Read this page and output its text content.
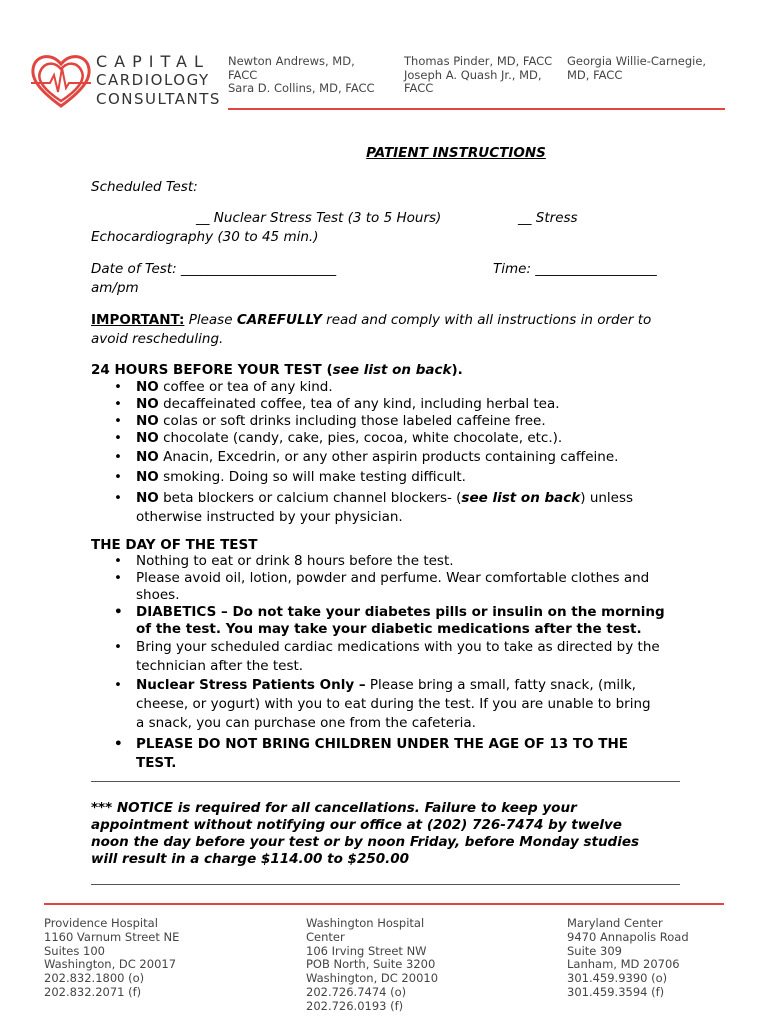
CAPITAL
CARDIOLOGY
CONSULTANTS
Newton Andrews, MD,
FACC
Sara D. Collins, MD, FACC
Thomas Pinder, MD, FACC
Joseph A. Quash Jr., MD,
FACC
Georgia Willie-Carnegie,
MD, FACC
PATIENT INSTRUCTIONS
Scheduled Test:
__ Nuclear Stress Test (3 to 5 Hours)	__ Stress
Echocardiography (30 to 45 min.)
Date of Test: _______________________	Time: __________________
am/pm
IMPORTANT: Please CAREFULLY read and comply with all instructions in order to
avoid rescheduling.
24 HOURS BEFORE YOUR TEST (see list on back).
• NO coffee or tea of any kind.
• NO decaffeinated coffee, tea of any kind, including herbal tea.
• NO colas or soft drinks including those labeled caffeine free.
• NO chocolate (candy, cake, pies, cocoa, white chocolate, etc.).
• NO Anacin, Excedrin, or any other aspirin products containing caffeine.
• NO smoking. Doing so will make testing difficult.
• NO beta blockers or calcium channel blockers- (see list on back) unless
otherwise instructed by your physician.
THE DAY OF THE TEST
• Nothing to eat or drink 8 hours before the test.
• Please avoid oil, lotion, powder and perfume. Wear comfortable clothes and
shoes.
• DIABETICS – Do not take your diabetes pills or insulin on the morning
of the test. You may take your diabetic medications after the test.
• Bring your scheduled cardiac medications with you to take as directed by the
technician after the test.
• Nuclear Stress Patients Only – Please bring a small, fatty snack, (milk,
cheese, or yogurt) with you to eat during the test. If you are unable to bring
a snack, you can purchase one from the cafeteria.
• PLEASE DO NOT BRING CHILDREN UNDER THE AGE OF 13 TO THE
TEST.
*** NOTICE is required for all cancellations. Failure to keep your
appointment without notifying our office at (202) 726-7474 by twelve
noon the day before your test or by noon Friday, before Monday studies
will result in a charge $114.00 to $250.00
Providence Hospital
1160 Varnum Street NE
Suites 100
Washington, DC 20017
202.832.1800 (o)
202.832.2071 (f)
Washington Hospital
Center
106 Irving Street NW
POB North, Suite 3200
Washington, DC 20010
202.726.7474 (o)
202.726.0193 (f)
Maryland Center
9470 Annapolis Road
Suite 309
Lanham, MD 20706
301.459.9390 (o)
301.459.3594 (f)
